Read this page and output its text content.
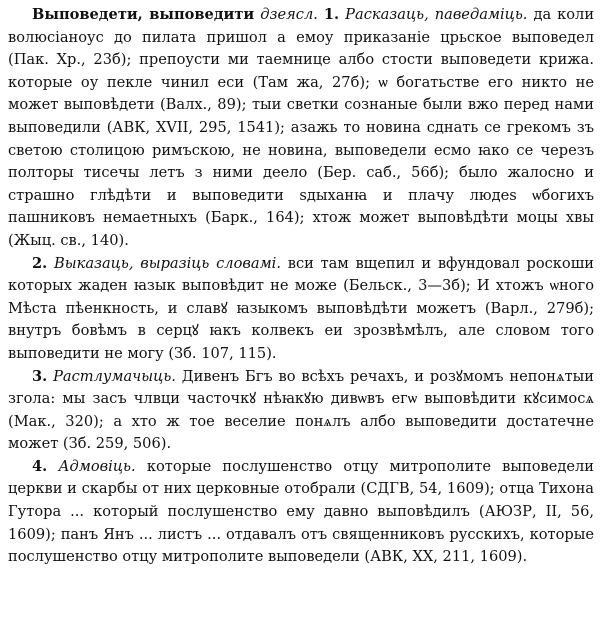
Выповедети, выповедити дзеясл. 1. Расказаць, паведаміць. да коли волюсіаноус до пилата пришол а емоу приказаніе црьское выповедел (Пак. Хр., 23б); препоусти ми таемнице албо стости выповедети крижа. которые оу пекле чинил еси (Там жа, 27б); ѡ богатьстве его никто не может выповѣдети (Валх., 89); тыи светки сознаные были вжо перед нами выповедили (АВК, XVII, 295, 1541); азажь то новина сднать се грекомъ зъ светою столицою римъскою, не новина, выповедели есмо ꙗко се черезъ полторы тисечы летъ з ними деело (Бер. саб., 56б); было жалосно и страшно глѣдѣти и выповедити ѕдыханꙗ и плачу людеѕ ѡбогихъ пашниковъ немаетныхъ (Барк., 164); хтож может выповѣдѣти моцы хвы (Жыц. св., 140).

2. Выказаць, выразіць словамі. вси там вщепил и вфундовал роскоши которых жаден ꙗзык выповѣдит не може (Бельск., 3—3б); И хтожъ ѡного Мѣста пѣенкность, и славꙋ ꙗзыкомъ выповѣдѣти можетъ (Варл., 279б); внутръ бовѣмъ в серцꙋ ꙗкъ колвекъ еи зрозвѣмѣлъ, але словом того выповедити не могу (Зб. 107, 115).

3. Растлумачыць. Дивенъ Бгъ во всѣхъ речахъ, и розꙋмомъ непонѧтыи згола: мы засъ члвци часточкꙋ нѣꙗкꙋю дивѡвъ егѡ выповѣдити кꙋсимосѧ (Мак., 320); а хто ж тое веселие понѧлъ албо выповедити достатечне может (Зб. 259, 506).

4. Адмовіць. которые послушенство отцу митрополите выповедели церкви и скарбы от них церковные отобрали (СДГВ, 54, 1609); отца Тихона Гутора ... который послушенство ему давно выповѣдилъ (АЮЗР, II, 56, 1609); панъ Янъ ... листъ ... отдавалъ отъ священниковъ русскихъ, которые послушенство отцу митрополите выповедели (АВК, XX, 211, 1609).
